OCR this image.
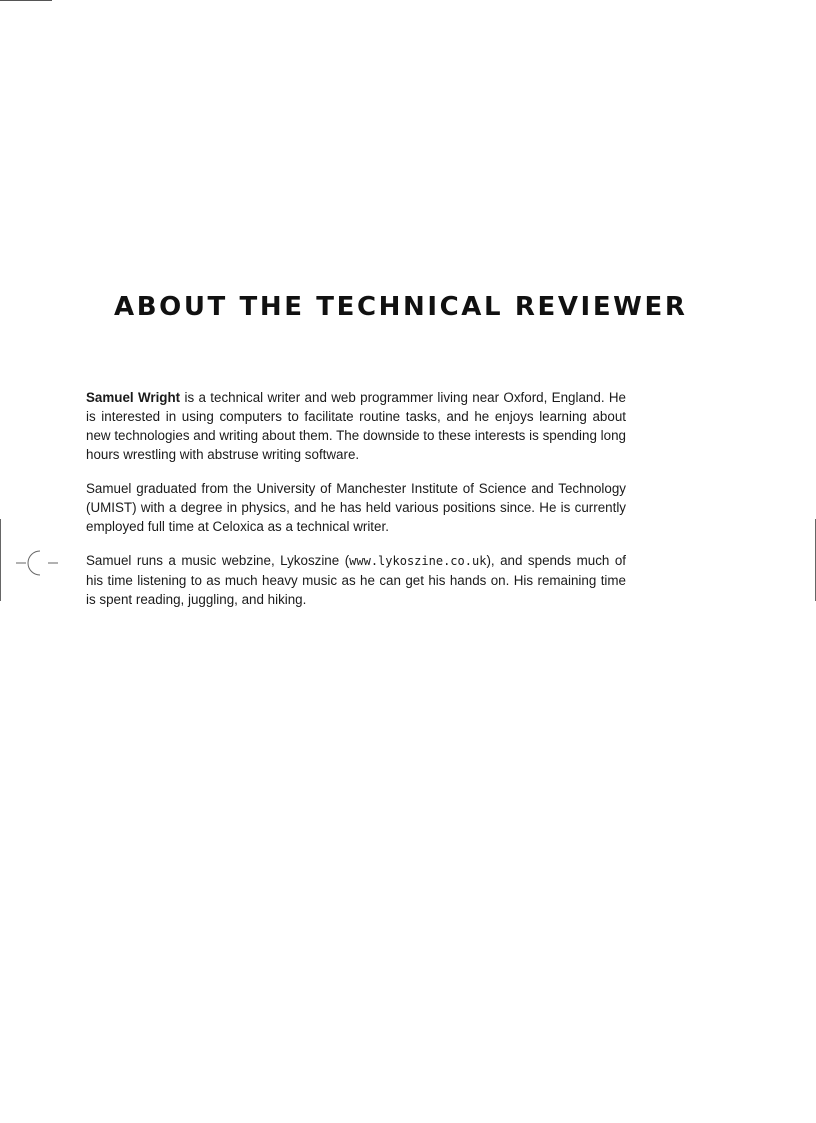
ABOUT THE TECHNICAL REVIEWER

Samuel Wright is a technical writer and web programmer living near Oxford, England. He is interested in using computers to facilitate routine tasks, and he enjoys learning about new technologies and writing about them. The downside to these interests is spending long hours wrestling with abstruse writing software.

Samuel graduated from the University of Manchester Institute of Science and Technology (UMIST) with a degree in physics, and he has held various positions since. He is currently employed full time at Celoxica as a technical writer.

Samuel runs a music webzine, Lykoszine (www.lykoszine.co.uk), and spends much of his time listening to as much heavy music as he can get his hands on. His remaining time is spent reading, juggling, and hiking.
